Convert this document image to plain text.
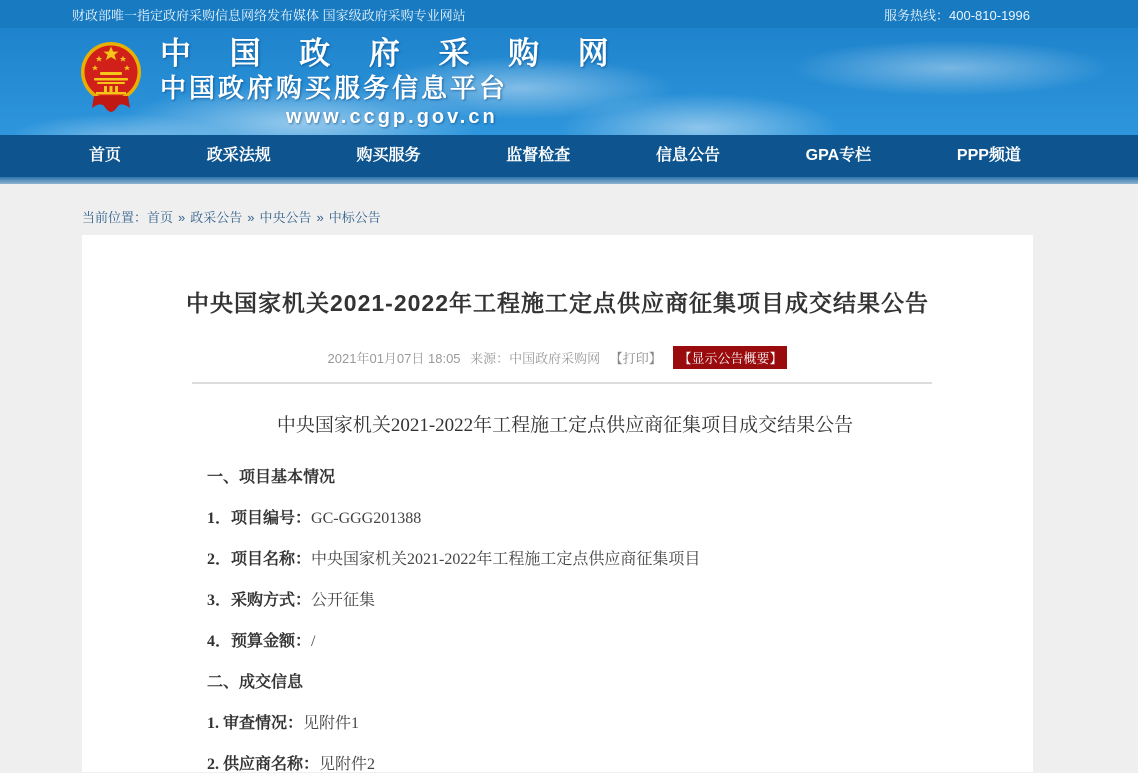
财政部唯一指定政府采购信息网络发布媒体 国家级政府采购专业网站	服务热线：400-810-1996
中 国 政 府 采 购 网
中国政府购买服务信息平台
www.ccgp.gov.cn
首页	政采法规	购买服务	监督检查	信息公告	GPA专栏	PPP频道
当前位置：首页 » 政采公告 » 中央公告 » 中标公告
中央国家机关2021-2022年工程施工定点供应商征集项目成交结果公告
2021年01月07日 18:05 来源：中国政府采购网 【打印】 【显示公告概要】
中央国家机关2021-2022年工程施工定点供应商征集项目成交结果公告
一、项目基本情况
1．项目编号：GC-GGG201388
2．项目名称：中央国家机关2021-2022年工程施工定点供应商征集项目
3．采购方式：公开征集
4．预算金额：/
二、成交信息
1. 审查情况：见附件1
2. 供应商名称：见附件2
